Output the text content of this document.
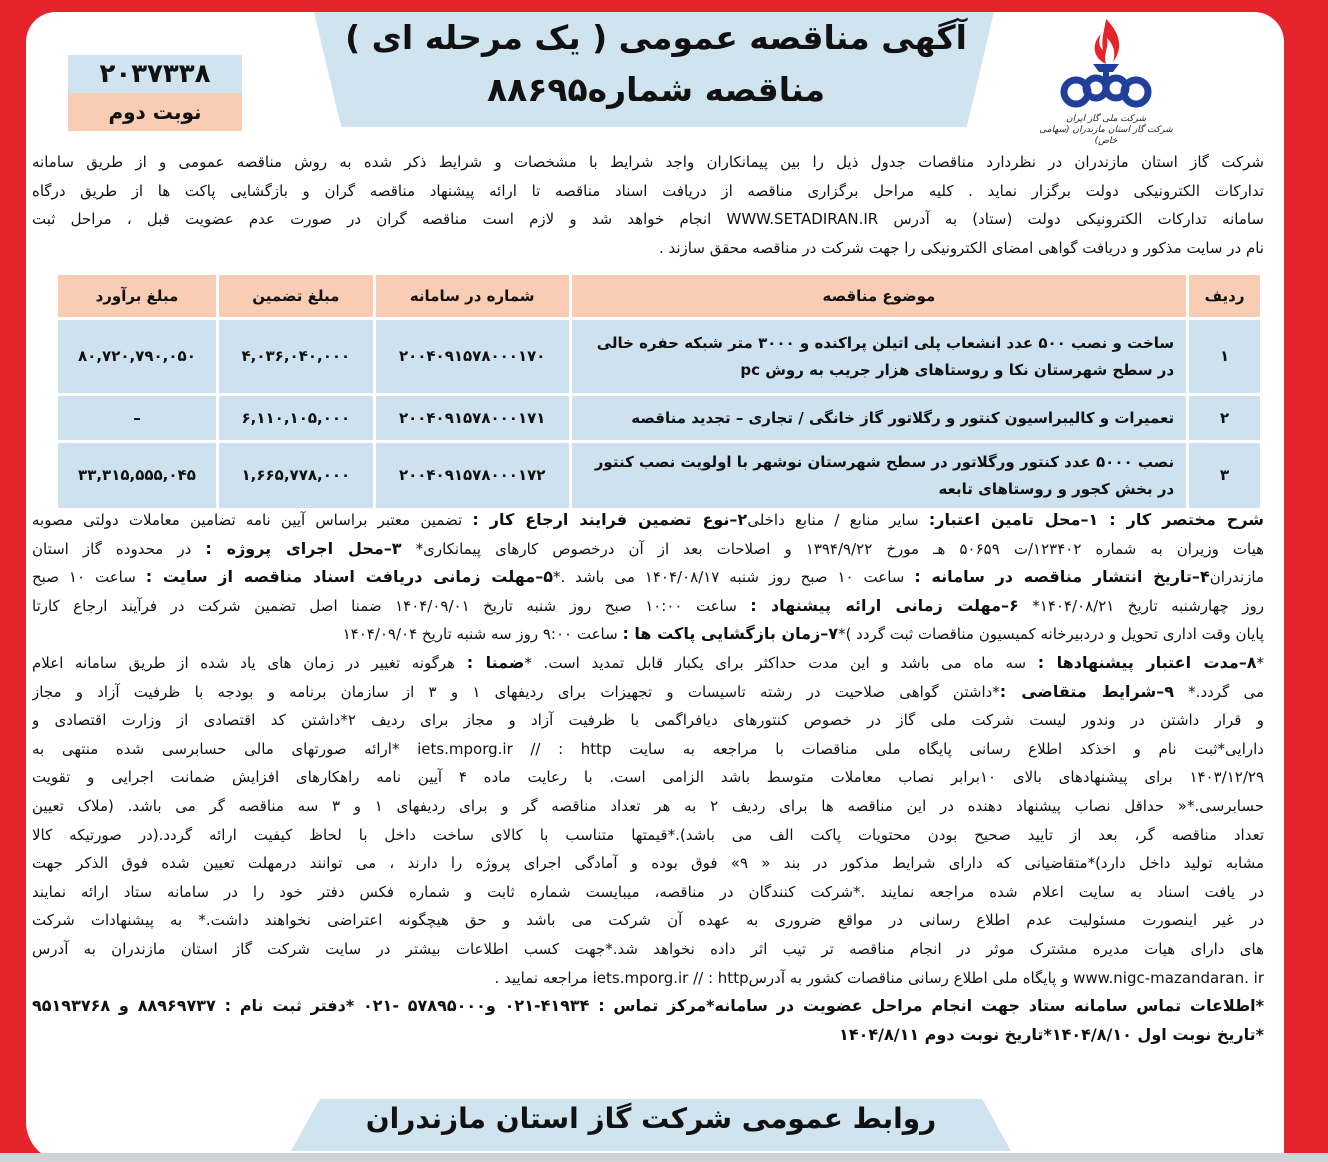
آگهی مناقصه عمومی ( یک مرحله ای )
مناقصه شماره۸۸۶۹۵
۲۰۳۷۳۳۸
نوبت دوم	شرکت ملی گاز ایران
شرکت گاز استان مازندران (سهامی خاص)
شرکت گاز استان مازندران در نظردارد مناقصات جدول ذیل را بین پیمانکاران واجد شرایط با مشخصات و شرایط ذکر شده به روش مناقصه عمومی و از طریق سامانه
تدارکات الکترونیکی دولت برگزار نماید . کلیه مراحل برگزاری مناقصه از دریافت اسناد مناقصه تا ارائه پیشنهاد مناقصه گران و بازگشایی پاکت ها از طریق درگاه
سامانه تدارکات الکترونیکی دولت (ستاد) به آدرس WWW.SETADIRAN.IR انجام خواهد شد و لازم است مناقصه گران در صورت عدم عضویت قبل ، مراحل ثبت
نام در سایت مذکور و دریافت گواهی امضای الکترونیکی را جهت شرکت در مناقصه محقق سازند .
ردیف	موضوع مناقصه	شماره در سامانه	مبلغ تضمین	مبلغ برآورد
۱	ساخت و نصب ۵۰۰ عدد انشعاب پلی اتیلن پراکنده و ۳۰۰۰ متر شبکه حفره خالی در سطح شهرستان نکا و روستاهای هزار جریب به روش pc	۲۰۰۴۰۹۱۵۷۸۰۰۰۱۷۰	۴,۰۳۶,۰۴۰,۰۰۰	۸۰,۷۲۰,۷۹۰,۰۵۰
۲	تعمیرات و کالیبراسیون کنتور و رگلاتور گاز خانگی / تجاری – تجدید مناقصه	۲۰۰۴۰۹۱۵۷۸۰۰۰۱۷۱	۶,۱۱۰,۱۰۵,۰۰۰	–
۳	نصب ۵۰۰۰ عدد کنتور ورگلاتور در سطح شهرستان نوشهر با اولویت نصب کنتور در بخش کجور و روستاهای تابعه	۲۰۰۴۰۹۱۵۷۸۰۰۰۱۷۲	۱,۶۶۵,۷۷۸,۰۰۰	۳۳,۳۱۵,۵۵۵,۰۴۵
شرح مختصر کار : ۱–محل تامین اعتبار: سایر منابع / منابع داخلی۲–نوع تضمین فرایند ارجاع کار : تضمین معتبر براساس آیین نامه تضامین معاملات دولتی مصوبه
هیات وزیران به شماره ۱۲۳۴۰۲/ت ۵۰۶۵۹ هـ مورخ ۱۳۹۴/۹/۲۲ و اصلاحات بعد از آن درخصوص کارهای پیمانکاری* ۳–محل اجرای پروژه : در محدوده گاز استان
مازندران۴–تاریخ انتشار مناقصه در سامانه : ساعت ۱۰ صبح روز شنبه ۱۴۰۴/۰۸/۱۷ می باشد .*۵–مهلت زمانی دریافت اسناد مناقصه از سایت : ساعت ۱۰ صبح
روز چهارشنبه تاریخ ۱۴۰۴/۰۸/۲۱* ۶–مهلت زمانی ارائه پیشنهاد : ساعت ۱۰:۰۰ صبح روز شنبه تاریخ ۱۴۰۴/۰۹/۰۱ ضمنا اصل تضمین شرکت در فرآیند ارجاع کارتا
پایان وقت اداری تحویل و دردبیرخانه کمیسیون مناقصات ثبت گردد )*۷–زمان بازگشایی پاکت ها : ساعت ۹:۰۰ روز سه شنبه تاریخ ۱۴۰۴/۰۹/۰۴
*۸–مدت اعتبار پیشنهادها : سه ماه می باشد و این مدت حداکثر برای یکبار قابل تمدید است. *ضمنا : هرگونه تغییر در زمان های یاد شده از طریق سامانه اعلام
می گردد.* ۹–شرایط متقاضی :*داشتن گواهی صلاحیت در رشته تاسیسات و تجهیزات برای ردیفهای ۱ و ۳ از سازمان برنامه و بودجه با ظرفیت آزاد و مجاز
و قرار داشتن در وندور لیست شرکت ملی گاز در خصوص کنتورهای دیافراگمی با ظرفیت آزاد و مجاز برای ردیف ۲*داشتن کد اقتصادی از وزارت اقتصادی و
دارایی*ثبت نام و اخذکد اطلاع رسانی پایگاه ملی مناقصات با مراجعه به سایت iets.mporg.ir // : http *ارائه صورتهای مالی حسابرسی شده منتهی به
۱۴۰۳/۱۲/۲۹ برای پیشنهادهای بالای ۱۰برابر نصاب معاملات متوسط باشد الزامی است. با رعایت ماده ۴ آیین نامه راهکارهای افزایش ضمانت اجرایی و تقویت
حسابرسی.*« حداقل نصاب پیشنهاد دهنده در این مناقصه ها برای ردیف ۲ به هر تعداد مناقصه گر و برای ردیفهای ۱ و ۳ سه مناقصه گر می باشد. (ملاک تعیین
تعداد مناقصه گر، بعد از تایید صحیح بودن محتویات پاکت الف می باشد).*قیمتها متناسب با کالای ساخت داخل با لحاظ کیفیت ارائه گردد.(در صورتیکه کالا
مشابه تولید داخل دارد)*متقاضیانی که دارای شرایط مذکور در بند « ۹» فوق بوده و آمادگی اجرای پروژه را دارند ، می توانند درمهلت تعیین شده فوق الذکر جهت
در یافت اسناد به سایت اعلام شده مراجعه نمایند .*شرکت کنندگان در مناقصه، میبایست شماره ثابت و شماره فکس دفتر خود را در سامانه ستاد ارائه نمایند
در غیر اینصورت مسئولیت عدم اطلاع رسانی در مواقع ضروری به عهده آن شرکت می باشد و حق هیچگونه اعتراضی نخواهند داشت.* به پیشنهادات شرکت
های دارای هیات مدیره مشترک موثر در انجام مناقصه تر تیب اثر داده نخواهد شد.*جهت کسب اطلاعات بیشتر در سایت شرکت گاز استان مازندران به آدرس
www.nigc-mazandaran. ir و پایگاه ملی اطلاع رسانی مناقصات کشور به آدرسiets.mporg.ir // : http مراجعه نمایید .
*اطلاعات تماس سامانه ستاد جهت انجام مراحل عضویت در سامانه*مرکز تماس : ۴۱۹۳۴-۰۲۱ و۵۷۸۹۵۰۰۰ -۰۲۱ *دفتر ثبت نام : ۸۸۹۶۹۷۳۷ و ۹۵۱۹۳۷۶۸
*تاریخ نوبت اول ۱۴۰۴/۸/۱۰*تاریخ نوبت دوم ۱۴۰۴/۸/۱۱
روابط عمومی شرکت گاز استان مازندران
